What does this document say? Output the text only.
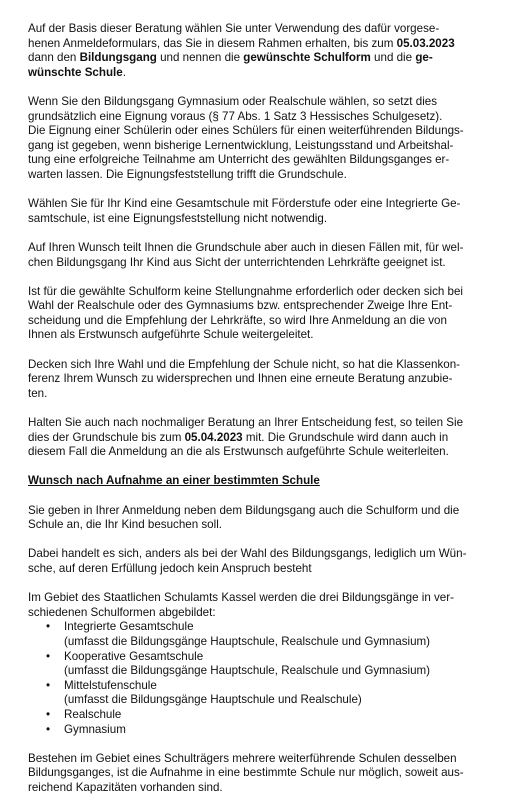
Auf der Basis dieser Beratung wählen Sie unter Verwendung des dafür vorgese-
henen Anmeldeformulars, das Sie in diesem Rahmen erhalten, bis zum 05.03.2023
dann den Bildungsgang und nennen die gewünschte Schulform und die ge-
wünschte Schule.
Wenn Sie den Bildungsgang Gymnasium oder Realschule wählen, so setzt dies
grundsätzlich eine Eignung voraus (§ 77 Abs. 1 Satz 3 Hessisches Schulgesetz).
Die Eignung einer Schülerin oder eines Schülers für einen weiterführenden Bildungs-
gang ist gegeben, wenn bisherige Lernentwicklung, Leistungsstand und Arbeitshal-
tung eine erfolgreiche Teilnahme am Unterricht des gewählten Bildungsganges er-
warten lassen. Die Eignungsfeststellung trifft die Grundschule.
Wählen Sie für Ihr Kind eine Gesamtschule mit Förderstufe oder eine Integrierte Ge-
samtschule, ist eine Eignungsfeststellung nicht notwendig.
Auf Ihren Wunsch teilt Ihnen die Grundschule aber auch in diesen Fällen mit, für wel-
chen Bildungsgang Ihr Kind aus Sicht der unterrichtenden Lehrkräfte geeignet ist.
Ist für die gewählte Schulform keine Stellungnahme erforderlich oder decken sich bei
Wahl der Realschule oder des Gymnasiums bzw. entsprechender Zweige Ihre Ent-
scheidung und die Empfehlung der Lehrkräfte, so wird Ihre Anmeldung an die von
Ihnen als Erstwunsch aufgeführte Schule weitergeleitet.
Decken sich Ihre Wahl und die Empfehlung der Schule nicht, so hat die Klassenkon-
ferenz Ihrem Wunsch zu widersprechen und Ihnen eine erneute Beratung anzubie-
ten.
Halten Sie auch nach nochmaliger Beratung an Ihrer Entscheidung fest, so teilen Sie
dies der Grundschule bis zum 05.04.2023 mit. Die Grundschule wird dann auch in
diesem Fall die Anmeldung an die als Erstwunsch aufgeführte Schule weiterleiten.
Wunsch nach Aufnahme an einer bestimmten Schule
Sie geben in Ihrer Anmeldung neben dem Bildungsgang auch die Schulform und die
Schule an, die Ihr Kind besuchen soll.
Dabei handelt es sich, anders als bei der Wahl des Bildungsgangs, lediglich um Wün-
sche, auf deren Erfüllung jedoch kein Anspruch besteht
Im Gebiet des Staatlichen Schulamts Kassel werden die drei Bildungsgänge in ver-
schiedenen Schulformen abgebildet:
• Integrierte Gesamtschule
(umfasst die Bildungsgänge Hauptschule, Realschule und Gymnasium)
• Kooperative Gesamtschule
(umfasst die Bildungsgänge Hauptschule, Realschule und Gymnasium)
• Mittelstufenschule
(umfasst die Bildungsgänge Hauptschule und Realschule)
• Realschule
• Gymnasium
Bestehen im Gebiet eines Schulträgers mehrere weiterführende Schulen desselben
Bildungsganges, ist die Aufnahme in eine bestimmte Schule nur möglich, soweit aus-
reichend Kapazitäten vorhanden sind.
